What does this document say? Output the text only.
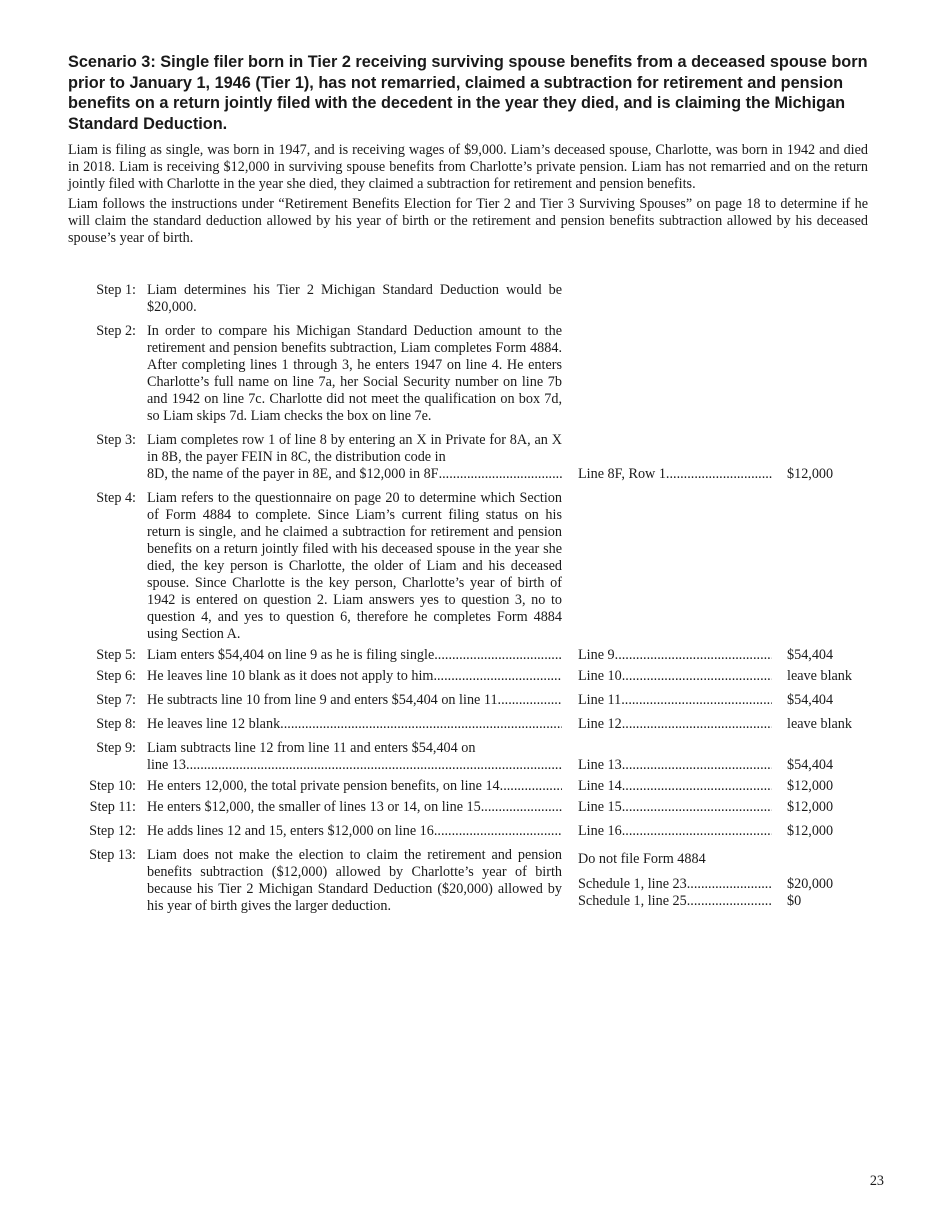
Scenario 3: Single filer born in Tier 2 receiving surviving spouse benefits from a deceased spouse born prior to January 1, 1946 (Tier 1), has not remarried, claimed a subtraction for retirement and pension benefits on a return jointly filed with the decedent in the year they died, and is claiming the Michigan Standard Deduction.

Liam is filing as single, was born in 1947, and is receiving wages of $9,000. Liam’s deceased spouse, Charlotte, was born in 1942 and died in 2018. Liam is receiving $12,000 in surviving spouse benefits from Charlotte’s private pension. Liam has not remarried and on the return jointly filed with Charlotte in the year she died, they claimed a subtraction for retirement and pension benefits.

Liam follows the instructions under “Retirement Benefits Election for Tier 2 and Tier 3 Surviving Spouses” on page 18 to determine if he will claim the standard deduction allowed by his year of birth or the retirement and pension benefits subtraction allowed by his deceased spouse’s year of birth.

Step 1: Liam determines his Tier 2 Michigan Standard Deduction would be $20,000.
Step 2: In order to compare his Michigan Standard Deduction amount to the retirement and pension benefits subtraction, Liam completes Form 4884. After completing lines 1 through 3, he enters 1947 on line 4. He enters Charlotte’s full name on line 7a, her Social Security number on line 7b and 1942 on line 7c. Charlotte did not meet the qualification on box 7d, so Liam skips 7d. Liam checks the box on line 7e.
Step 3: Liam completes row 1 of line 8 by entering an X in Private for 8A, an X in 8B, the payer FEIN in 8C, the distribution code in
8D, the name of the payer in 8E, and $12,000 in 8F .....	Line 8F, Row 1. .....	$12,000
Step 4: Liam refers to the questionnaire on page 20 to determine which Section of Form 4884 to complete. Since Liam’s current filing status on his return is single, and he claimed a subtraction for retirement and pension benefits on a return jointly filed with his deceased spouse in the year she died, the key person is Charlotte, the older of Liam and his deceased spouse. Since Charlotte is the key person, Charlotte’s year of birth of 1942 is entered on question 2. Liam answers yes to question 3, no to question 4, and yes to question 6, therefore he completes Form 4884 using Section A.
Step 5: Liam enters $54,404 on line 9 as he is filing single .....	Line 9. .....	$54,404
Step 6: He leaves line 10 blank as it does not apply to him .....	Line 10. .....	leave blank
Step 7: He subtracts line 10 from line 9 and enters $54,404 on line 11 .....	Line 11. .....	$54,404
Step 8: He leaves line 12 blank. .....	Line 12. .....	leave blank
Step 9: Liam subtracts line 12 from line 11 and enters $54,404 on
line 13 .....	Line 13. .....	$54,404
Step 10: He enters 12,000, the total private pension benefits, on line 14 .....	Line 14. .....	$12,000
Step 11: He enters $12,000, the smaller of lines 13 or 14, on line 15 .....	Line 15. .....	$12,000
Step 12: He adds lines 12 and 15, enters $12,000 on line 16. .....	Line 16. .....	$12,000
Step 13: Liam does not make the election to claim the retirement and pension benefits subtraction ($12,000) allowed by Charlotte’s year of birth because his Tier 2 Michigan Standard Deduction ($20,000) allowed by his year of birth gives the larger deduction.
Do not file Form 4884
Schedule 1, line 23 .....	$20,000
Schedule 1, line 25 .....	$0
23
